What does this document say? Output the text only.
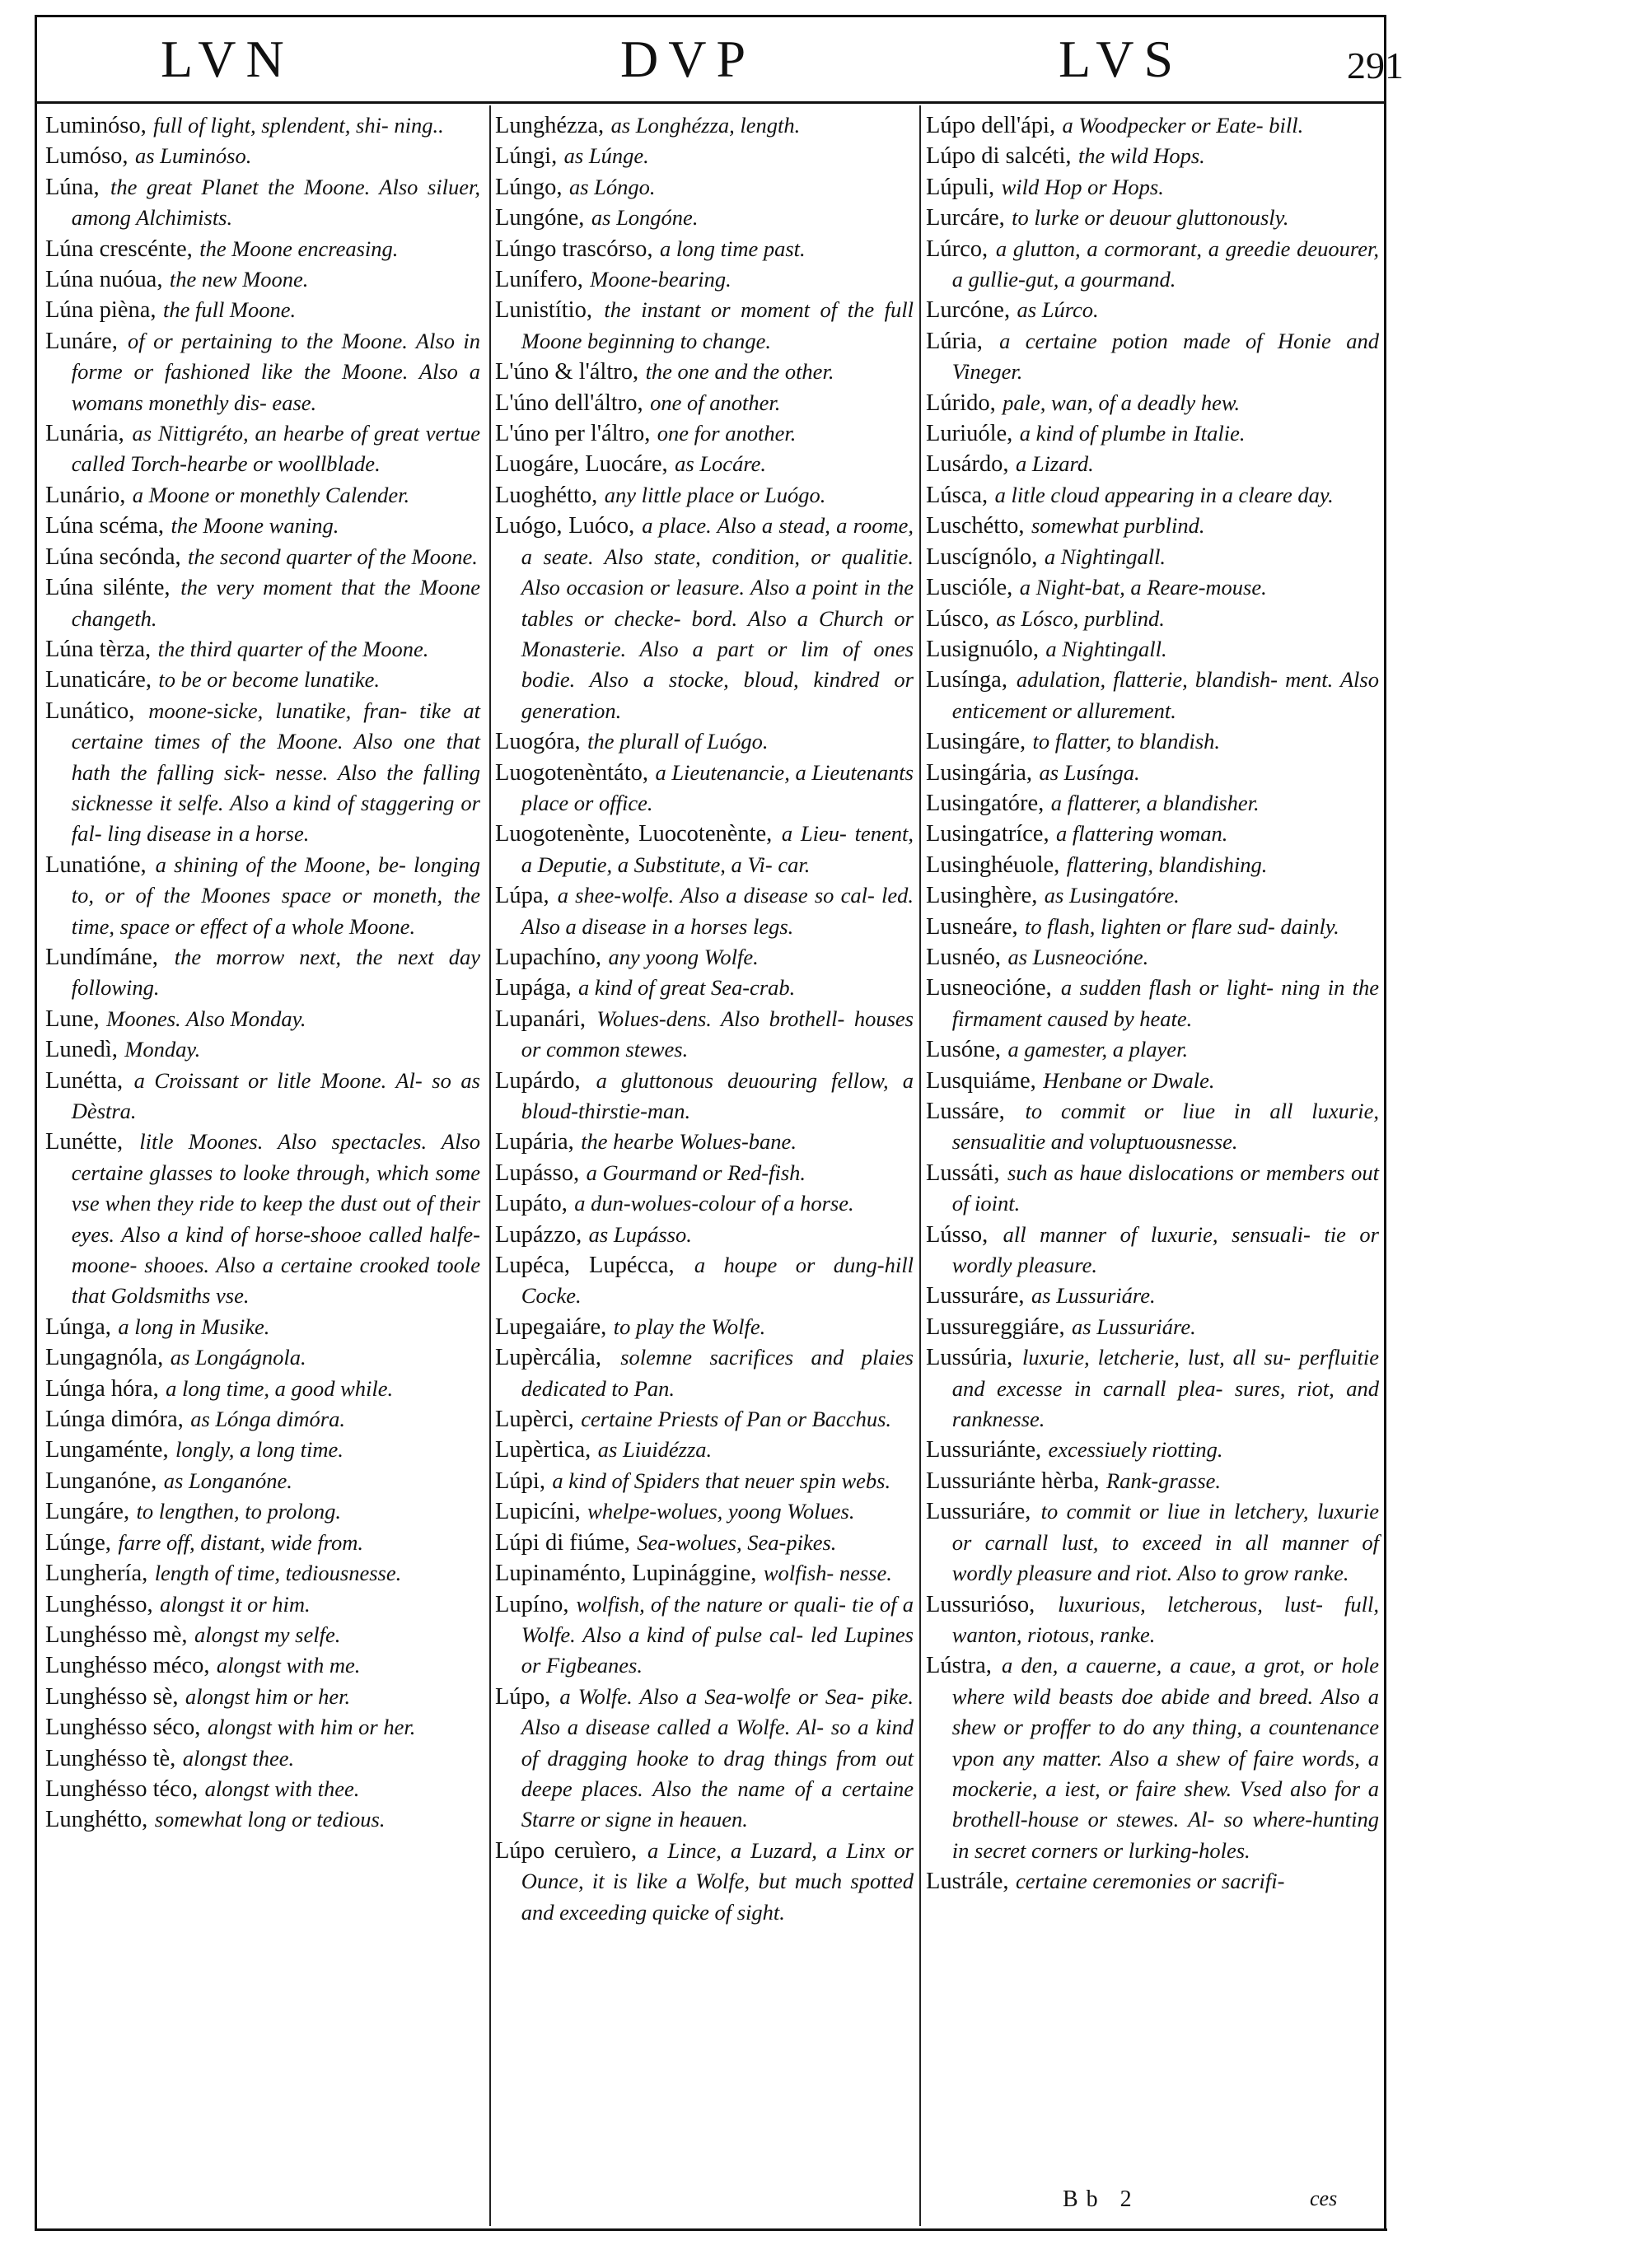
LVN	DVP	LVS	291
Luminóso, full of light, splendent, shi- ning..
Lumóso, as Luminóso.
Lúna, the great Planet the Moone. Also siluer, among Alchimists.
Lúna crescénte, the Moone encreasing.
Lúna nuóua, the new Moone.
Lúna pièna, the full Moone.
Lunáre, of or pertaining to the Moone. Also in forme or fashioned like the Moone. Also a womans monethly dis- ease.
Lunária, as Nittigréto, an hearbe of great vertue called Torch-hearbe or woollblade.
Lunário, a Moone or monethly Calender.
Lúna scéma, the Moone waning.
Lúna secónda, the second quarter of the Moone.
Lúna silénte, the very moment that the Moone changeth.
Lúna tèrza, the third quarter of the Moone.
Lunaticáre, to be or become lunatike.
Lunático, moone-sicke, lunatike, fran- tike at certaine times of the Moone. Also one that hath the falling sick- nesse. Also the falling sicknesse it selfe. Also a kind of staggering or fal- ling disease in a horse.
Lunatióne, a shining of the Moone, be- longing to, or of the Moones space or moneth, the time, space or effect of a whole Moone.
Lundímáne, the morrow next, the next day following.
Lune, Moones. Also Monday.
Lunedì, Monday.
Lunétta, a Croissant or litle Moone. Al- so as Dèstra.
Lunétte, litle Moones. Also spectacles. Also certaine glasses to looke through, which some vse when they ride to keep the dust out of their eyes. Also a kind of horse-shooe called halfe-moone- shooes. Also a certaine crooked toole that Goldsmiths vse.
Lúnga, a long in Musike.
Lungagnóla, as Longágnola.
Lúnga hóra, a long time, a good while.
Lúnga dimóra, as Lónga dimóra.
Lungaménte, longly, a long time.
Lunganóne, as Longanóne.
Lungáre, to lengthen, to prolong.
Lúnge, farre off, distant, wide from.
Lunghería, length of time, tediousnesse.
Lunghésso, alongst it or him.
Lunghésso mè, alongst my selfe.
Lunghésso méco, alongst with me.
Lunghésso sè, alongst him or her.
Lunghésso séco, alongst with him or her.
Lunghésso tè, alongst thee.
Lunghésso téco, alongst with thee.
Lunghétto, somewhat long or tedious.
Lunghézza, as Longhézza, length.
Lúngi, as Lúnge.
Lúngo, as Lóngo.
Lungóne, as Longóne.
Lúngo trascórso, a long time past.
Lunífero, Moone-bearing.
Lunistítio, the instant or moment of the full Moone beginning to change.
L'úno & l'áltro, the one and the other.
L'úno dell'áltro, one of another.
L'úno per l'áltro, one for another.
Luogáre, Luocáre, as Locáre.
Luoghétto, any little place or Luógo.
Luógo, Luóco, a place. Also a stead, a roome, a seate. Also state, condition, or qualitie. Also occasion or leasure. Also a point in the tables or checke- bord. Also a Church or Monasterie. Also a part or lim of ones bodie. Also a stocke, bloud, kindred or generation.
Luogóra, the plurall of Luógo.
Luogotenèntáto, a Lieutenancie, a Lieutenants place or office.
Luogotenènte, Luocotenènte, a Lieu- tenent, a Deputie, a Substitute, a Vi- car.
Lúpa, a shee-wolfe. Also a disease so cal- led. Also a disease in a horses legs.
Lupachíno, any yoong Wolfe.
Lupága, a kind of great Sea-crab.
Lupanári, Wolues-dens. Also brothell- houses or common stewes.
Lupárdo, a gluttonous deuouring fellow, a bloud-thirstie-man.
Lupária, the hearbe Wolues-bane.
Lupásso, a Gourmand or Red-fish.
Lupáto, a dun-wolues-colour of a horse.
Lupázzo, as Lupásso.
Lupéca, Lupécca, a houpe or dung-hill Cocke.
Lupegaiáre, to play the Wolfe.
Lupèrcália, solemne sacrifices and plaies dedicated to Pan.
Lupèrci, certaine Priests of Pan or Bacchus.
Lupèrtica, as Liuidézza.
Lúpi, a kind of Spiders that neuer spin webs.
Lupicíni, whelpe-wolues, yoong Wolues.
Lúpi di fiúme, Sea-wolues, Sea-pikes.
Lupinaménto, Lupinággine, wolfish- nesse.
Lupíno, wolfish, of the nature or quali- tie of a Wolfe. Also a kind of pulse cal- led Lupines or Figbeanes.
Lúpo, a Wolfe. Also a Sea-wolfe or Sea- pike. Also a disease called a Wolfe. Al- so a kind of dragging hooke to drag things from out deepe places. Also the name of a certaine Starre or signe in heauen.
Lúpo ceruìero, a Lince, a Luzard, a Linx or Ounce, it is like a Wolfe, but much spotted and exceeding quicke of sight.
Lúpo dell'ápi, a Woodpecker or Eate- bill.
Lúpo di salcéti, the wild Hops.
Lúpuli, wild Hop or Hops.
Lurcáre, to lurke or deuour gluttonously.
Lúrco, a glutton, a cormorant, a greedie deuourer, a gullie-gut, a gourmand.
Lurcóne, as Lúrco.
Lúria, a certaine potion made of Honie and Vineger.
Lúrido, pale, wan, of a deadly hew.
Luriuóle, a kind of plumbe in Italie.
Lusárdo, a Lizard.
Lúsca, a litle cloud appearing in a cleare day.
Luschétto, somewhat purblind.
Luscígnólo, a Nightingall.
Luscióle, a Night-bat, a Reare-mouse.
Lúsco, as Lósco, purblind.
Lusignuólo, a Nightingall.
Lusínga, adulation, flatterie, blandish- ment. Also enticement or allurement.
Lusingáre, to flatter, to blandish.
Lusingária, as Lusínga.
Lusingatóre, a flatterer, a blandisher.
Lusingatríce, a flattering woman.
Lusinghéuole, flattering, blandishing.
Lusinghère, as Lusingatóre.
Lusneáre, to flash, lighten or flare sud- dainly.
Lusnéo, as Lusneocióne.
Lusneocióne, a sudden flash or light- ning in the firmament caused by heate.
Lusóne, a gamester, a player.
Lusquiáme, Henbane or Dwale.
Lussáre, to commit or liue in all luxurie, sensualitie and voluptuousnesse.
Lussáti, such as haue dislocations or members out of ioint.
Lússo, all manner of luxurie, sensuali- tie or wordly pleasure.
Lussuráre, as Lussuriáre.
Lussureggiáre, as Lussuriáre.
Lussúria, luxurie, letcherie, lust, all su- perfluitie and excesse in carnall plea- sures, riot, and ranknesse.
Lussuriánte, excessiuely riotting.
Lussuriánte hèrba, Rank-grasse.
Lussuriáre, to commit or liue in letchery, luxurie or carnall lust, to exceed in all manner of wordly pleasure and riot. Also to grow ranke.
Lussurióso, luxurious, letcherous, lust- full, wanton, riotous, ranke.
Lústra, a den, a cauerne, a caue, a grot, or hole where wild beasts doe abide and breed. Also a shew or proffer to do any thing, a countenance vpon any matter. Also a shew of faire words, a mockerie, a iest, or faire shew. Vsed also for a brothell-house or stewes. Al- so where-hunting in secret corners or lurking-holes.
Lustrále, certaine ceremonies or sacrifi-
Bb 2	ces
